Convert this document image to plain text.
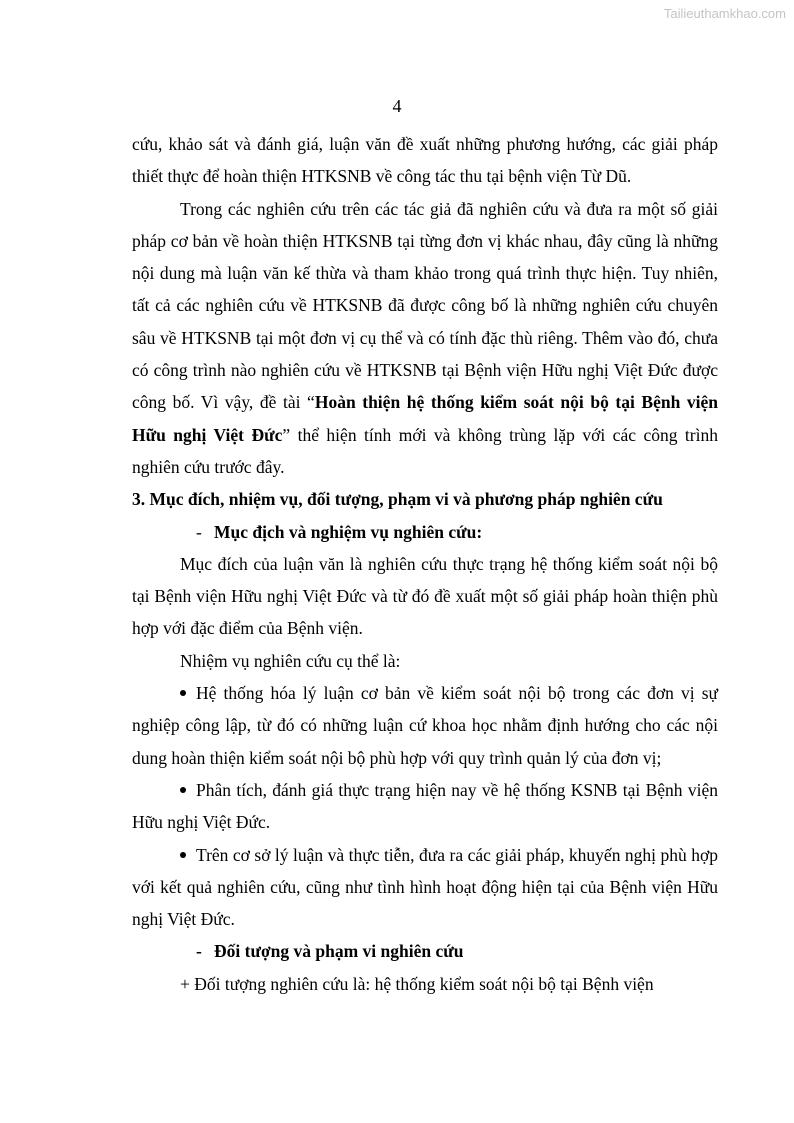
Tailieuthamkhao.com
4

cứu, khảo sát và đánh giá, luận văn đề xuất những phương hướng, các giải pháp thiết thực để hoàn thiện HTKSNB về công tác thu tại bệnh viện Từ Dũ.

Trong các nghiên cứu trên các tác giả đã nghiên cứu và đưa ra một số giải pháp cơ bản về hoàn thiện HTKSNB tại từng đơn vị khác nhau, đây cũng là những nội dung mà luận văn kế thừa và tham khảo trong quá trình thực hiện. Tuy nhiên, tất cả các nghiên cứu về HTKSNB đã được công bố là những nghiên cứu chuyên sâu về HTKSNB tại một đơn vị cụ thể và có tính đặc thù riêng. Thêm vào đó, chưa có công trình nào nghiên cứu về HTKSNB tại Bệnh viện Hữu nghị Việt Đức được công bố. Vì vậy, đề tài “Hoàn thiện hệ thống kiểm soát nội bộ tại Bệnh viện Hữu nghị Việt Đức” thể hiện tính mới và không trùng lặp với các công trình nghiên cứu trước đây.

3. Mục đích, nhiệm vụ, đối tượng, phạm vi và phương pháp nghiên cứu

- Mục địch và nghiệm vụ nghiên cứu:

Mục đích của luận văn là nghiên cứu thực trạng hệ thống kiểm soát nội bộ tại Bệnh viện Hữu nghị Việt Đức và từ đó đề xuất một số giải pháp hoàn thiện phù hợp với đặc điểm của Bệnh viện.

Nhiệm vụ nghiên cứu cụ thể là:

Hệ thống hóa lý luận cơ bản về kiểm soát nội bộ trong các đơn vị sự nghiệp công lập, từ đó có những luận cứ khoa học nhằm định hướng cho các nội dung hoàn thiện kiểm soát nội bộ phù hợp với quy trình quản lý của đơn vị;

Phân tích, đánh giá thực trạng hiện nay về hệ thống KSNB tại Bệnh viện Hữu nghị Việt Đức.

Trên cơ sở lý luận và thực tiễn, đưa ra các giải pháp, khuyến nghị phù hợp với kết quả nghiên cứu, cũng như tình hình hoạt động hiện tại của Bệnh viện Hữu nghị Việt Đức.

- Đối tượng và phạm vi nghiên cứu

+ Đối tượng nghiên cứu là: hệ thống kiểm soát nội bộ tại Bệnh viện
